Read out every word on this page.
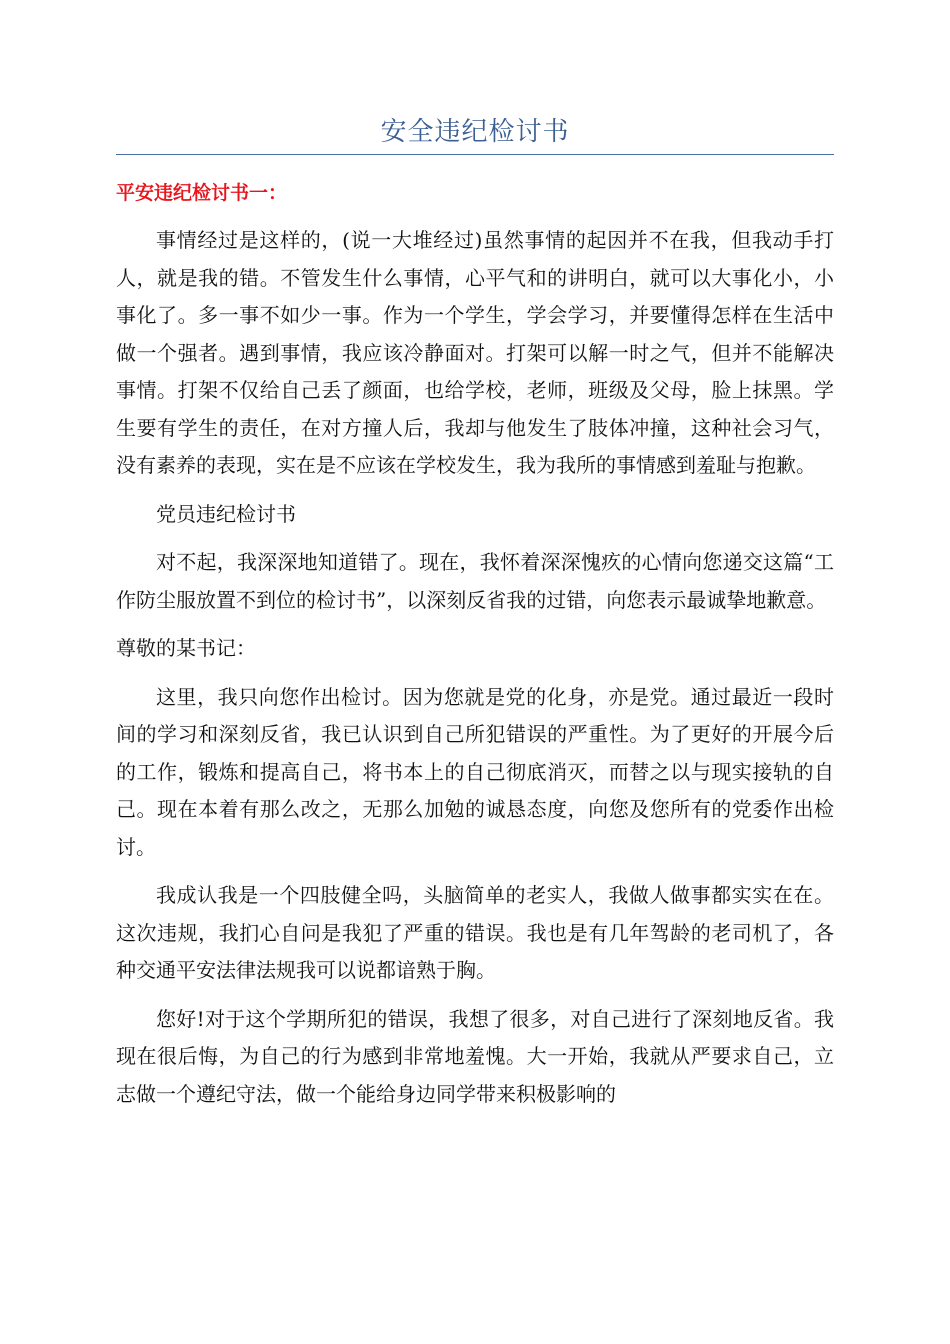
安全违纪检讨书
平安违纪检讨书一：

事情经过是这样的，(说一大堆经过)虽然事情的起因并不在我，但我动手打人，就是我的错。不管发生什么事情，心平气和的讲明白，就可以大事化小，小事化了。多一事不如少一事。作为一个学生，学会学习，并要懂得怎样在生活中做一个强者。遇到事情，我应该冷静面对。打架可以解一时之气，但并不能解决事情。打架不仅给自己丢了颜面，也给学校，老师，班级及父母，脸上抹黑。学生要有学生的责任，在对方撞人后，我却与他发生了肢体冲撞，这种社会习气，没有素养的表现，实在是不应该在学校发生，我为我所的事情感到羞耻与抱歉。

党员违纪检讨书

对不起，我深深地知道错了。现在，我怀着深深愧疚的心情向您递交这篇“工作防尘服放置不到位的检讨书”，以深刻反省我的过错，向您表示最诚挚地歉意。

尊敬的某书记：

这里，我只向您作出检讨。因为您就是党的化身，亦是党。通过最近一段时间的学习和深刻反省，我已认识到自己所犯错误的严重性。为了更好的开展今后的工作，锻炼和提高自己，将书本上的自己彻底消灭，而替之以与现实接轨的自己。现在本着有那么改之，无那么加勉的诚恳态度，向您及您所有的党委作出检讨。

我成认我是一个四肢健全吗，头脑简单的老实人，我做人做事都实实在在。这次违规，我扪心自问是我犯了严重的错误。我也是有几年驾龄的老司机了，各种交通平安法律法规我可以说都谙熟于胸。

您好!对于这个学期所犯的错误，我想了很多，对自己进行了深刻地反省。我现在很后悔，为自己的行为感到非常地羞愧。大一开始，我就从严要求自己，立志做一个遵纪守法，做一个能给身边同学带来积极影响的
